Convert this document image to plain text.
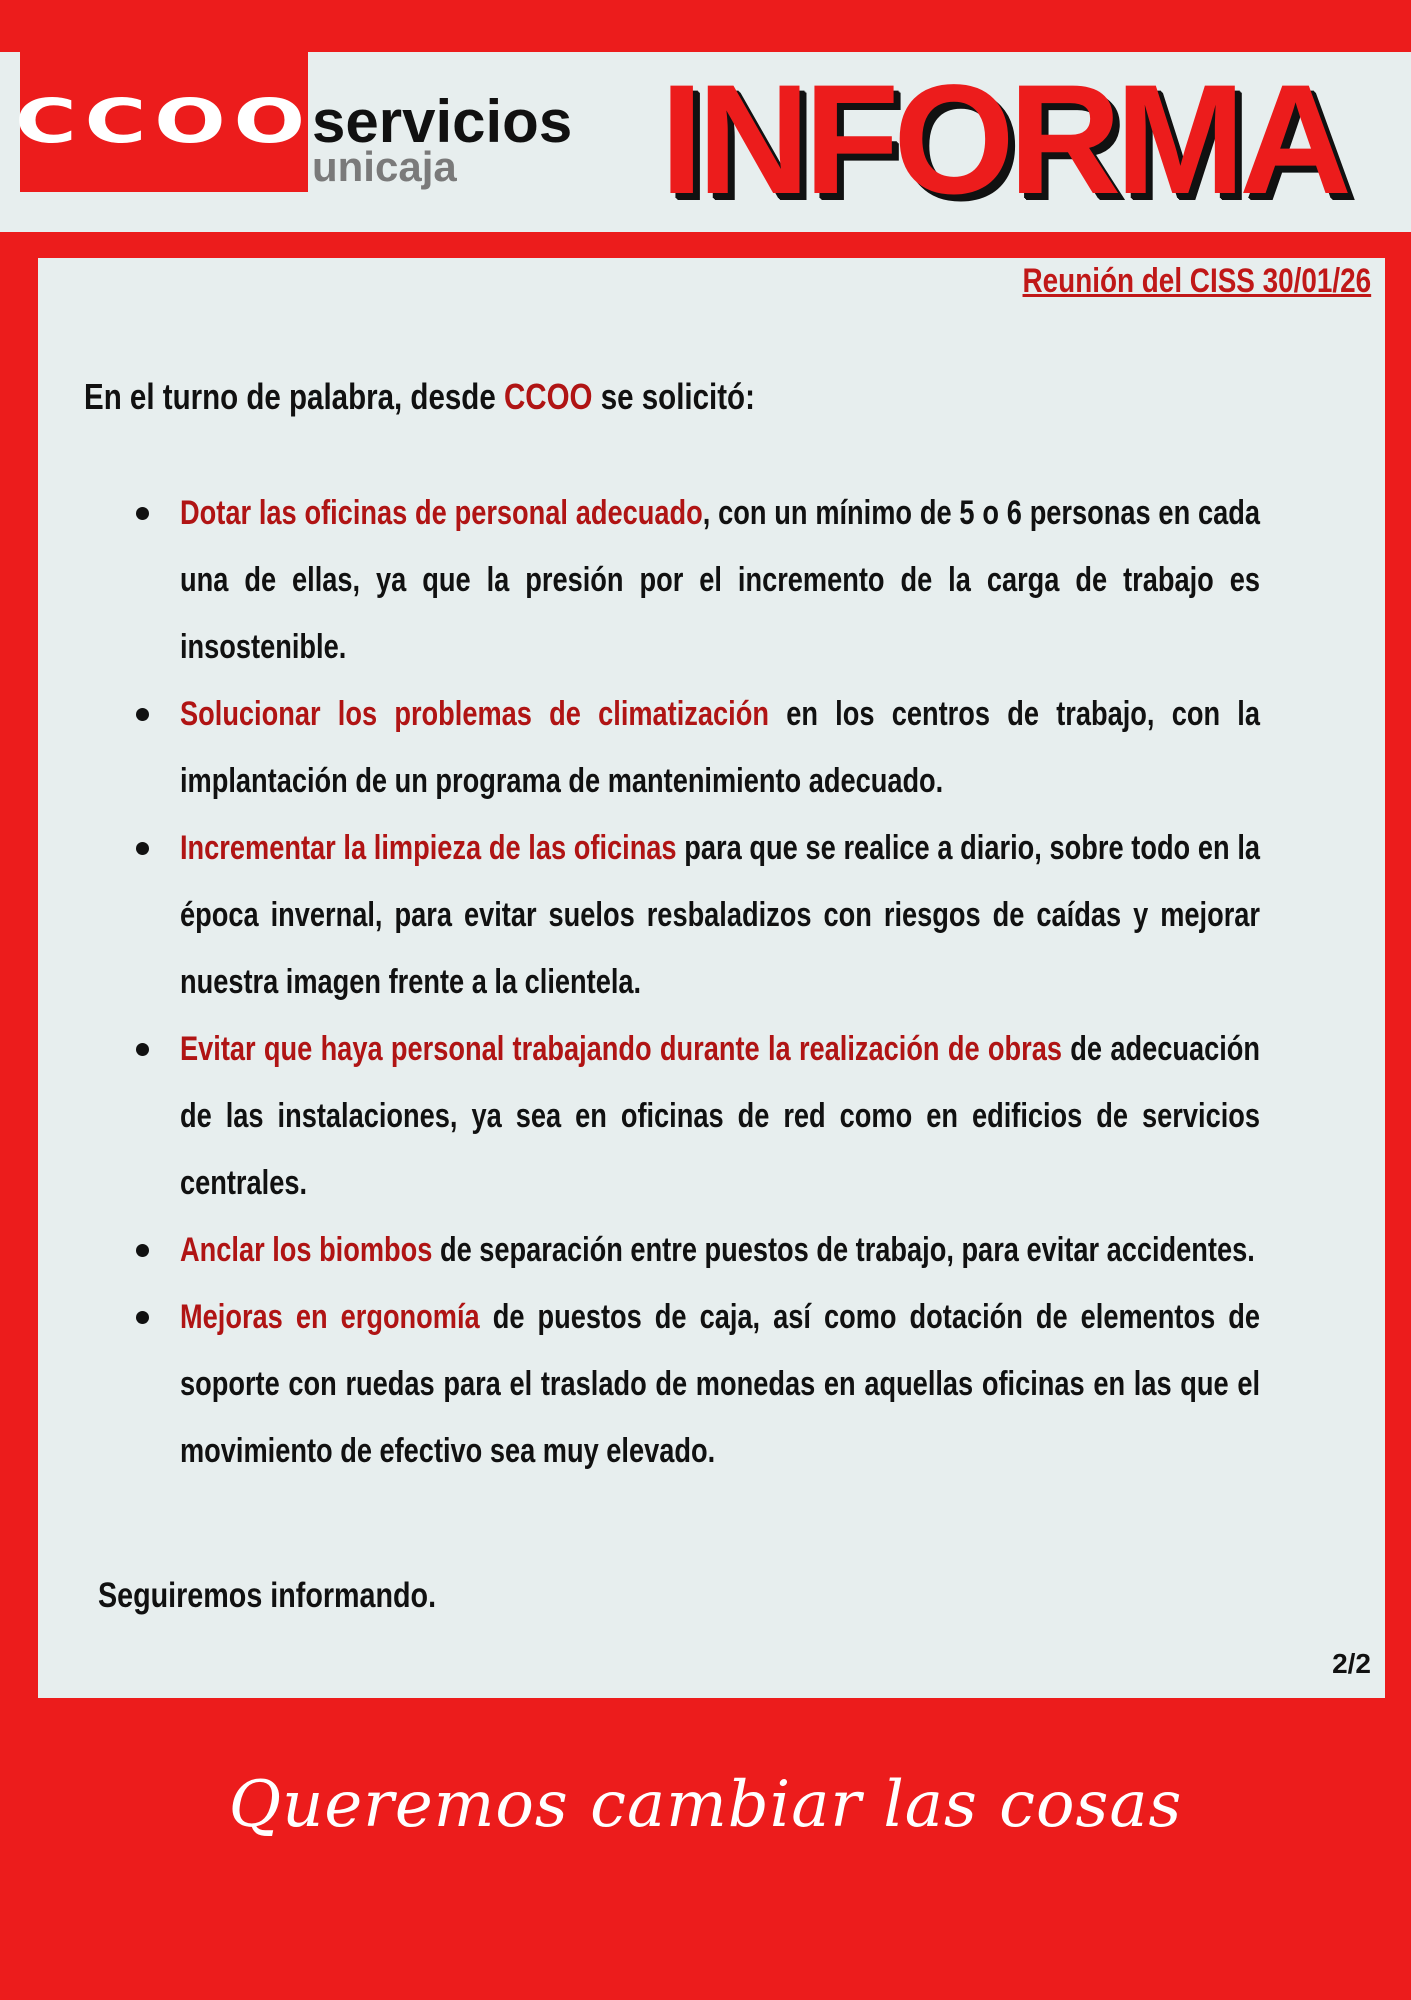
CCOO
servicios
unicaja INFORMA
Reunión del CISS 30/01/26
En el turno de palabra, desde CCOO se solicitó:
Dotar las oficinas de personal adecuado, con un mínimo de 5 o 6 personas en cada una de ellas, ya que la presión por el incremento de la carga de trabajo es insostenible.
Solucionar los problemas de climatización en los centros de trabajo, con la implantación de un programa de mantenimiento adecuado.
Incrementar la limpieza de las oficinas para que se realice a diario, sobre todo en la época invernal, para evitar suelos resbaladizos con riesgos de caídas y mejorar nuestra imagen frente a la clientela.
Evitar que haya personal trabajando durante la realización de obras de adecuación de las instalaciones, ya sea en oficinas de red como en edificios de servicios centrales.
Anclar los biombos de separación entre puestos de trabajo, para evitar accidentes.
Mejoras en ergonomía de puestos de caja, así como dotación de elementos de soporte con ruedas para el traslado de monedas en aquellas oficinas en las que el movimiento de efectivo sea muy elevado.
Seguiremos informando.
2/2
Queremos cambiar las cosas
